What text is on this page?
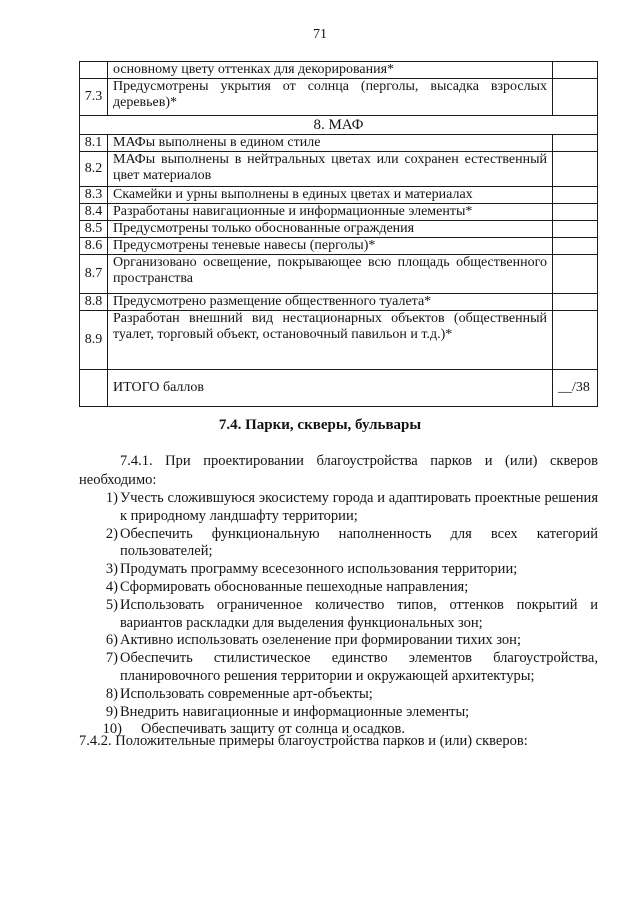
71
	основному цвету оттенках для декорирования*	
7.3	Предусмотрены укрытия от солнца (перголы, высадка взрослых деревьев)*	
8. МАФ		
8.1	МАФы выполнены в едином стиле	
8.2	МАФы выполнены в нейтральных цветах или сохранен естественный цвет материалов	
8.3	Скамейки и урны выполнены в единых цветах и материалах	
8.4	Разработаны навигационные и информационные элементы*	
8.5	Предусмотрены только обоснованные ограждения	
8.6	Предусмотрены теневые навесы (перголы)*	
8.7	Организовано освещение, покрывающее всю площадь общественного пространства	
8.8	Предусмотрено размещение общественного туалета*	
8.9	Разработан внешний вид нестационарных объектов (общественный туалет, торговый объект, остановочный павильон и т.д.)*	
	ИТОГО баллов	__/38
7.4. Парки, скверы, бульвары
7.4.1. При проектировании благоустройства парков и (или) скверов необходимо:
1) Учесть сложившуюся экосистему города и адаптировать проектные решения к природному ландшафту территории;
2) Обеспечить функциональную наполненность для всех категорий пользователей;
3) Продумать программу всесезонного использования территории;
4) Сформировать обоснованные пешеходные направления;
5) Использовать ограниченное количество типов, оттенков покрытий и вариантов раскладки для выделения функциональных зон;
6) Активно использовать озеленение при формировании тихих зон;
7) Обеспечить стилистическое единство элементов благоустройства, планировочного решения территории и окружающей архитектуры;
8) Использовать современные арт-объекты;
9) Внедрить навигационные и информационные элементы;
10) Обеспечивать защиту от солнца и осадков.
7.4.2. Положительные примеры благоустройства парков и (или) скверов:
